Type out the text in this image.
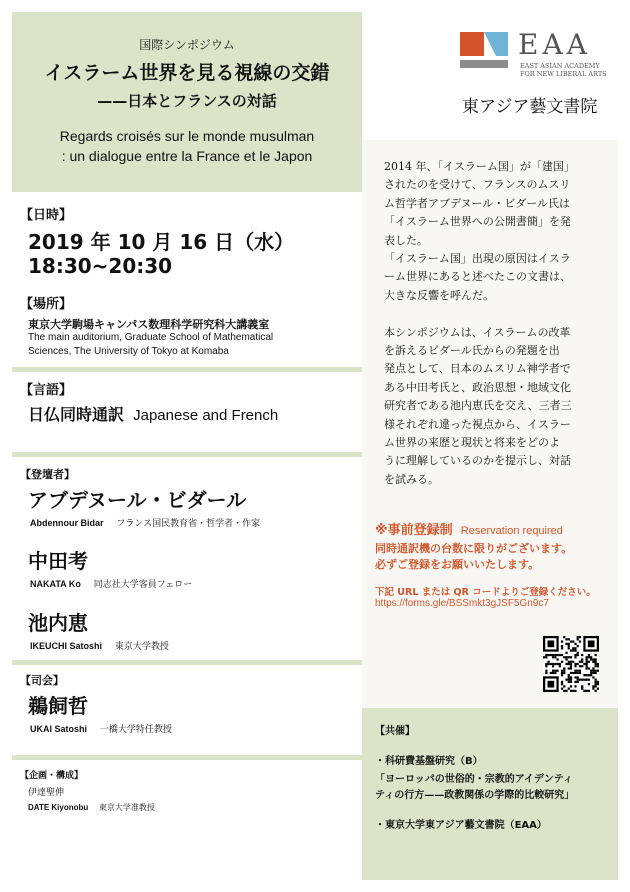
国際シンポジウム
イスラーム世界を見る視線の交錯
——日本とフランスの対話
Regards croisés sur le monde musulman
: un dialogue entre la France et le Japon
【日時】
2019 年 10 月 16 日（水）
18:30~20:30
【場所】
東京大学駒場キャンパス数理科学研究科大講義室
The main auditorium, Graduate School of Mathematical
Sciences, The University of Tokyo at Komaba
【言語】
日仏同時通訳 Japanese and French
【登壇者】
アブデヌール・ビダール
Abdennour Bidar フランス国民教育省・哲学者・作家
中田考
NAKATA Ko 同志社大学客員フェロー
池内恵
IKEUCHI Satoshi 東京大学教授
【司会】
鵜飼哲
UKAI Satoshi 一橋大学特任教授
【企画・構成】
伊達聖伸
DATE Kiyonobu 東京大学准教授
EAA
EAST ASIAN ACADEMY
FOR NEW LIBERAL ARTS
東アジア藝文書院
2014 年、「イスラーム国」が「建国」
されたのを受けて、フランスのムスリ
ム哲学者アブデヌール・ビダール氏は
「イスラーム世界への公開書簡」を発
表した。
「イスラーム国」出現の原因はイスラ
ーム世界にあると述べたこの文書は、
大きな反響を呼んだ。
本シンポジウムは、イスラームの改革
を訴えるビダール氏からの発題を出
発点として、日本のムスリム神学者で
ある中田考氏と、政治思想・地域文化
研究者である池内恵氏を交え、三者三
様それぞれ違った視点から、イスラー
ム世界の来歴と現状と将来をどのよ
うに理解しているのかを提示し、対話
を試みる。
※事前登録制 Reservation required
同時通訳機の台数に限りがございます。
必ずご登録をお願いいたします。
下記 URL または QR コードよりご登録ください。
https://forms.gle/BSSmkt3gJSF5Gn9c7
【共催】
・科研費基盤研究（B）
「ヨーロッパの世俗的・宗教的アイデンティ
ティの行方——政教関係の学際的比較研究」
・東京大学東アジア藝文書院（EAA）
